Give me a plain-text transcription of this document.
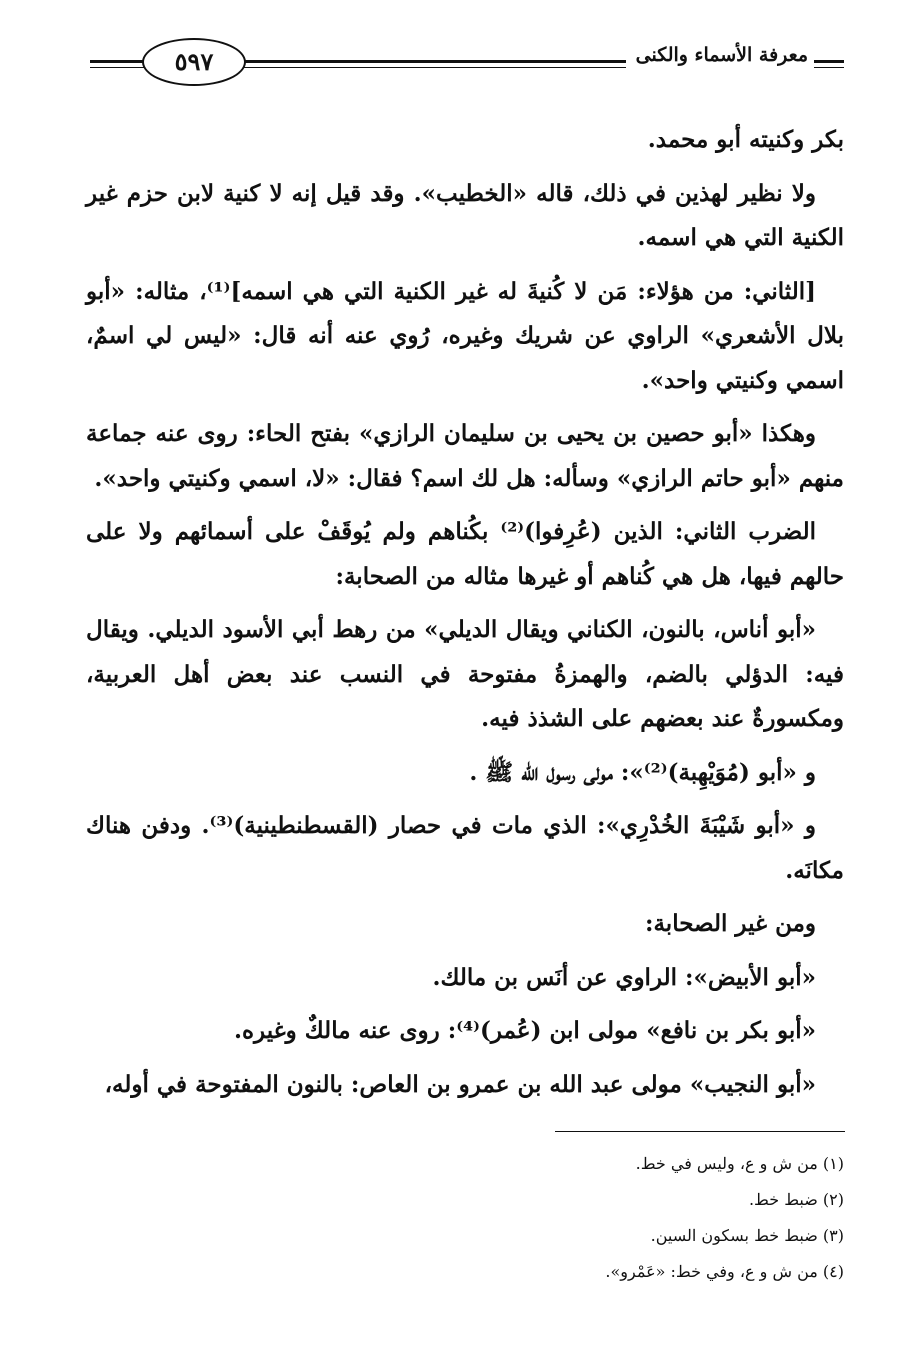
٥٩٧	معرفة الأسماء والكنى

بكر وكنيته أبو محمد.

ولا نظير لهذين في ذلك، قاله «الخطيب». وقد قيل إنه لا كنية لابن حزم غير الكنية التي هي اسمه.

[الثاني: من هؤلاء: مَن لا كُنيةَ له غير الكنية التي هي اسمه]⁽¹⁾، مثاله: «أبو بلال الأشعري» الراوي عن شريك وغيره، رُوي عنه أنه قال: «ليس لي اسمٌ، اسمي وكنيتي واحد».

وهكذا «أبو حصين بن يحيى بن سليمان الرازي» بفتح الحاء: روى عنه جماعة منهم «أبو حاتم الرازي» وسأله: هل لك اسم؟ فقال: «لا، اسمي وكنيتي واحد».

الضرب الثاني: الذين (عُرِفوا)⁽²⁾ بكُناهم ولم يُوقَفْ على أسمائهم ولا على حالهم فيها، هل هي كُناهم أو غيرها مثاله من الصحابة:

«أبو أناس، بالنون، الكناني ويقال الديلي» من رهط أبي الأسود الديلي. ويقال فيه: الدؤلي بالضم، والهمزةُ مفتوحة في النسب عند بعض أهل العربية، ومكسورةٌ عند بعضهم على الشذذ فيه.

و «أبو (مُوَيْهِبة)⁽²⁾»: مولى رسول الله ﷺ .

و «أبو شَيْبَةَ الخُدْرِي»: الذي مات في حصار (القسطنطينية)⁽³⁾. ودفن هناك مكانَه.

ومن غير الصحابة:

«أبو الأبيض»: الراوي عن أنَس بن مالك.

«أبو بكر بن نافع» مولى ابن (عُمر)⁽⁴⁾: روى عنه مالكٌ وغيره.

«أبو النجيب» مولى عبد الله بن عمرو بن العاص: بالنون المفتوحة في أوله،

(١) من ش و ع، وليس في خط.

(٢) ضبط خط.

(٣) ضبط خط بسكون السين.

(٤) من ش و ع، وفي خط: «عَمْرو».
